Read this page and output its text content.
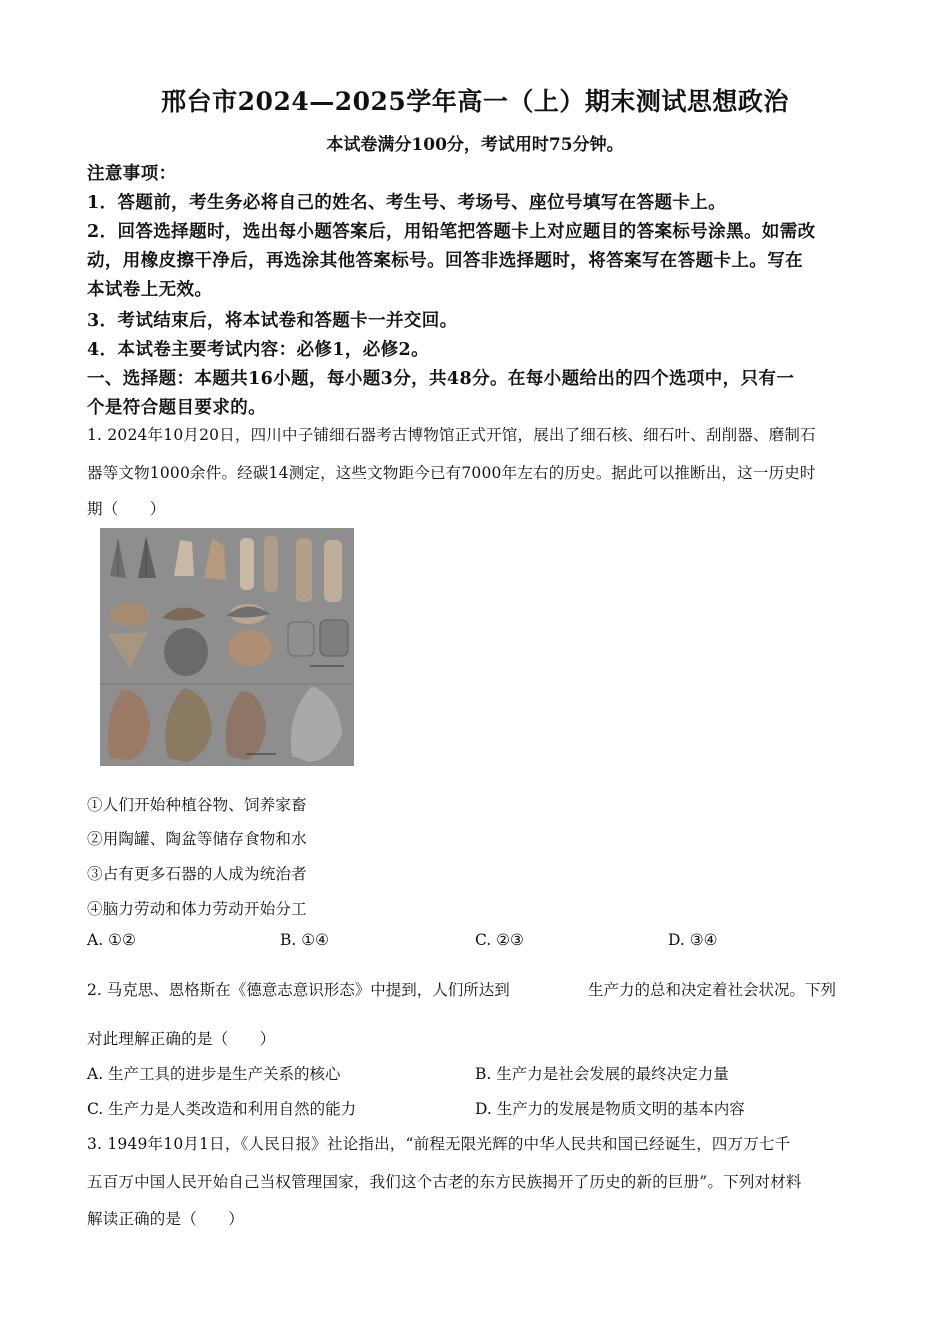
邢台市2024—2025学年高一（上）期末测试思想政治
本试卷满分100分，考试用时75分钟。
注意事项：
1．答题前，考生务必将自己的姓名、考生号、考场号、座位号填写在答题卡上。
2．回答选择题时，选出每小题答案后，用铅笔把答题卡上对应题目的答案标号涂黑。如需改
动，用橡皮擦干净后，再选涂其他答案标号。回答非选择题时，将答案写在答题卡上。写在
本试卷上无效。
3．考试结束后，将本试卷和答题卡一并交回。
4．本试卷主要考试内容：必修1，必修2。
一、选择题：本题共16小题，每小题3分，共48分。在每小题给出的四个选项中，只有一
个是符合题目要求的。
1. 2024年10月20日，四川中子铺细石器考古博物馆正式开馆，展出了细石核、细石叶、刮削器、磨制石
器等文物1000余件。经碳14测定，这些文物距今已有7000年左右的历史。据此可以推断出，这一历史时
期（　　）
①人们开始种植谷物、饲养家畜
②用陶罐、陶盆等储存食物和水
③占有更多石器的人成为统治者
④脑力劳动和体力劳动开始分工
A. ①②	B. ①④	C. ②③	D. ③④
2. 马克思、恩格斯在《德意志意识形态》中提到，人们所达到	生产力的总和决定着社会状况。下列
对此理解正确的是（　　）
A. 生产工具的进步是生产关系的核心	B. 生产力是社会发展的最终决定力量
C. 生产力是人类改造和利用自然的能力	D. 生产力的发展是物质文明的基本内容
3. 1949年10月1日，《人民日报》社论指出，“前程无限光辉的中华人民共和国已经诞生，四万万七千
五百万中国人民开始自己当权管理国家，我们这个古老的东方民族揭开了历史的新的巨册”。下列对材料
解读正确的是（　　）
